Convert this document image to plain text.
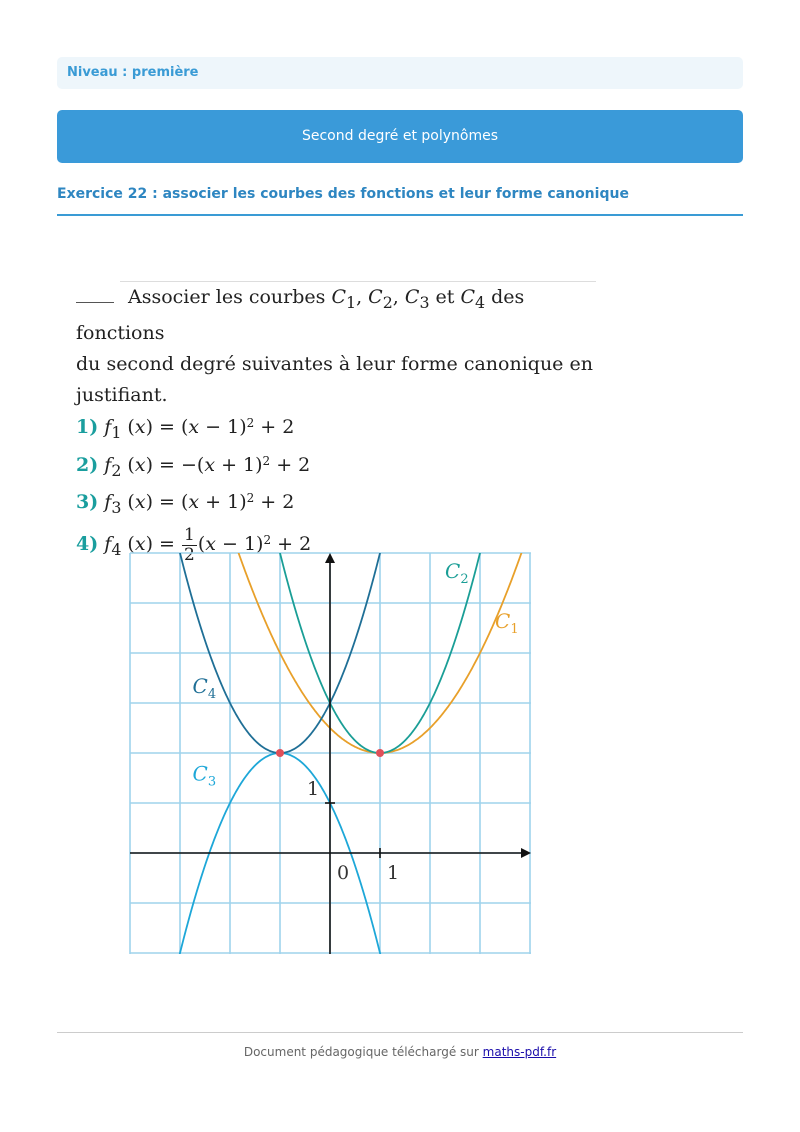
Niveau : première
Second degré et polynômes
Exercice 22 : associer les courbes des fonctions et leur forme canonique

Associer les courbes $C_1$, $C_2$, $C_3$ et $C_4$ des fonctions

du second degré suivantes à leur forme canonique en

justifiant.

1) $f_1$ $(x) = (x - 1)^2 + 2$
2) $f_2$ $(x) = -(x + 1)^2 + 2$
3) $f_3$ $(x) = (x + 1)^2 + 2$
4) $f_4$ $(x) = \frac{1}{2} (x - 1)^2 + 2$
0 1
1
$C_1$
$C_2$
$C_3$
$C_4$
Document pédagogique téléchargé sur maths-pdf.fr
